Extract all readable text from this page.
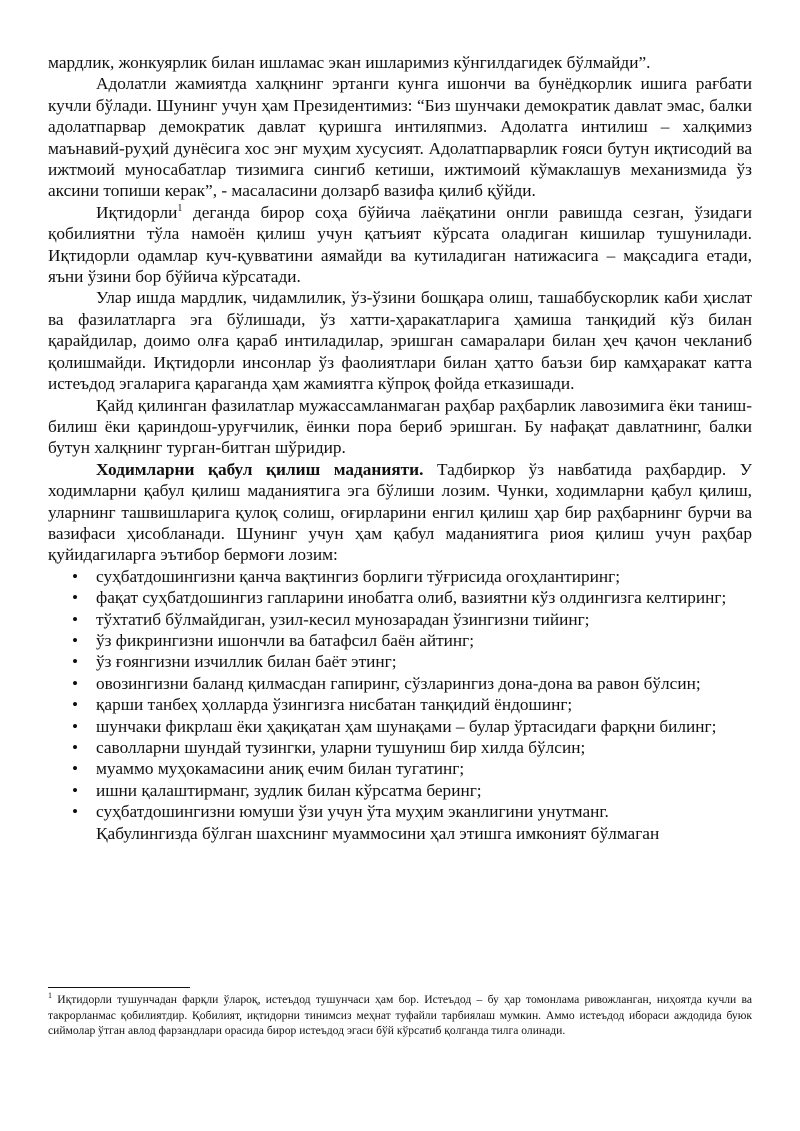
мардлик, жонкуярлик билан ишламас экан ишларимиз кўнгилдагидек бўлмайди”.

Адолатли жамиятда халқнинг эртанги кунга ишончи ва бунёдкорлик ишига рағбати кучли бўлади. Шунинг учун ҳам Президентимиз: “Биз шунчаки демократик давлат эмас, балки адолатпарвар демократик давлат қуришга интиляпмиз. Адолатга интилиш – халқимиз маънавий-руҳий дунёсига хос энг муҳим хусусият. Адолатпарварлик ғояси бутун иқтисодий ва ижтмоий муносабатлар тизимига сингиб кетиши, ижтимоий кўмаклашув механизмида ўз аксини топиши керак”, - масаласини долзарб вазифа қилиб қўйди.

Иқтидорли$^1$ деганда бирор соҳа бўйича лаёқатини онгли равишда сезган, ўзидаги қобилиятни тўла намоён қилиш учун қатъият кўрсата оладиган кишилар тушунилади. Иқтидорли одамлар куч-қувватини аямайди ва кутиладиган натижасига – мақсадига етади, яъни ўзини бор бўйича кўрсатади.

Улар ишда мардлик, чидамлилик, ўз-ўзини бошқара олиш, ташаббускорлик каби ҳислат ва фазилатларга эга бўлишади, ўз хатти-ҳаракатларига ҳамиша танқидий кўз билан қарайдилар, доимо олға қараб интиладилар, эришган самаралари билан ҳеч қачон чекланиб қолишмайди. Иқтидорли инсонлар ўз фаолиятлари билан ҳатто баъзи бир камҳаракат катта истеъдод эгаларига қараганда ҳам жамиятга кўпроқ фойда етказишади.

Қайд қилинган фазилатлар мужассамланмаган раҳбар раҳбарлик лавозимига ёки таниш-билиш ёки қариндош-уруғчилик, ёинки пора бериб эришган. Бу нафақат давлатнинг, балки бутун халқнинг турган-битган шўридир.

Ходимларни қабул қилиш маданияти. Тадбиркор ўз навбатида раҳбардир. У ходимларни қабул қилиш маданиятига эга бўлиши лозим. Чунки, ходимларни қабул қилиш, уларнинг ташвишларига қулоқ солиш, оғирларини енгил қилиш ҳар бир раҳбарнинг бурчи ва вазифаси ҳисобланади. Шунинг учун ҳам қабул маданиятига риоя қилиш учун раҳбар қуйидагиларга эътибор бермоғи лозим:

• суҳбатдошингизни қанча вақтингиз борлиги тўғрисида огоҳлантиринг;
• фақат суҳбатдошингиз гапларини инобатга олиб, вазиятни кўз олдингизга келтиринг;
• тўхтатиб бўлмайдиган, узил-кесил мунозарадан ўзингизни тийинг;
• ўз фикрингизни ишончли ва батафсил баён айтинг;
• ўз ғоянгизни изчиллик билан баёт этинг;
• овозингизни баланд қилмасдан гапиринг, сўзларингиз дона-дона ва равон бўлсин;
• қарши танбеҳ ҳолларда ўзингизга нисбатан танқидий ёндошинг;
• шунчаки фикрлаш ёки ҳақиқатан ҳам шунақами – булар ўртасидаги фарқни билинг;
• саволларни шундай тузингки, уларни тушуниш бир хилда бўлсин;
• муаммо муҳокамасини аниқ ечим билан тугатинг;
• ишни қалаштирманг, зудлик билан кўрсатма беринг;
• суҳбатдошингизни юмуши ўзи учун ўта муҳим эканлигини унутманг.

Қабулингизда бўлган шахснинг муаммосини ҳал этишга имконият бўлмаган

$^1$ Иқтидорли тушунчадан фарқли ўлароқ, истеъдод тушунчаси ҳам бор. Истеъдод – бу ҳар томонлама ривожланган, ниҳоятда кучли ва такрорланмас қобилиятдир. Қобилият, иқтидорни тинимсиз меҳнат туфайли тарбиялаш мумкин. Аммо истеъдод ибораси аждодида буюк сиймолар ўтган авлод фарзандлари орасида бирор истеъдод эгаси бўй кўрсатиб қолганда тилга олинади.
